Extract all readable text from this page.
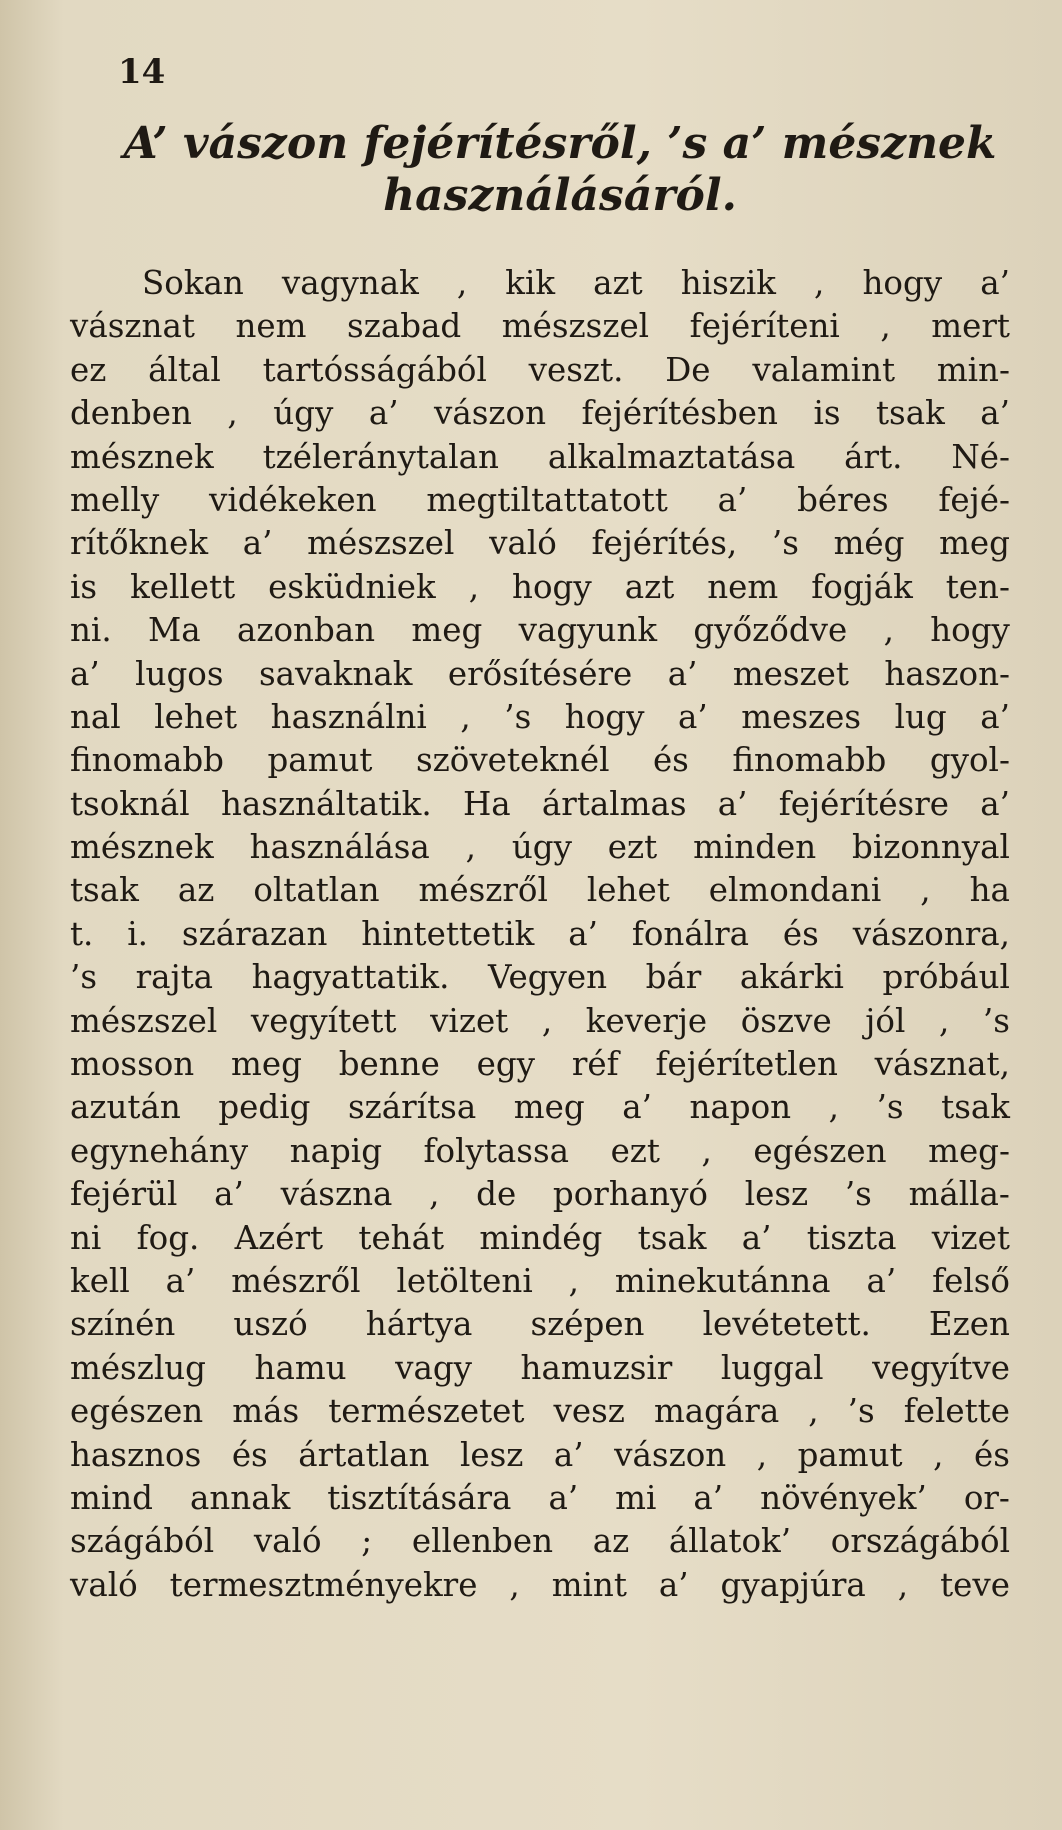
14
A’ vászon fejérítésről, ’s a’ mésznek
használásáról.
Sokan vagynak , kik azt hiszik , hogy a’
vásznat nem szabad mészszel fejéríteni , mert
ez által tartósságából veszt. De valamint min-
denben , úgy a’ vászon fejérítésben is tsak a’
mésznek tzéleránytalan alkalmaztatása árt. Né-
melly vidékeken megtiltattatott a’ béres fejé-
rítőknek a’ mészszel való fejérítés, ’s még meg
is kellett esküdniek , hogy azt nem fogják ten-
ni. Ma azonban meg vagyunk győződve , hogy
a’ lugos savaknak erősítésére a’ meszet haszon-
nal lehet használni , ’s hogy a’ meszes lug a’
finomabb pamut szöveteknél és finomabb gyol-
tsoknál használtatik. Ha ártalmas a’ fejérítésre a’
mésznek használása , úgy ezt minden bizonnyal
tsak az oltatlan mészről lehet elmondani , ha
t. i. szárazan hintettetik a’ fonálra és vászonra,
’s rajta hagyattatik. Vegyen bár akárki próbául
mészszel vegyített vizet , keverje öszve jól , ’s
mosson meg benne egy réf fejérítetlen vásznat,
azután pedig szárítsa meg a’ napon , ’s tsak
egynehány napig folytassa ezt , egészen meg-
fejérül a’ vászna , de porhanyó lesz ’s málla-
ni fog. Azért tehát mindég tsak a’ tiszta vizet
kell a’ mészről letölteni , minekutánna a’ felső
színén uszó hártya szépen levétetett. Ezen
mészlug hamu vagy hamuzsir luggal vegyítve
egészen más természetet vesz magára , ’s felette
hasznos és ártatlan lesz a’ vászon , pamut , és
mind annak tisztítására a’ mi a’ növények’ or-
szágából való ; ellenben az állatok’ országából
való termesztményekre , mint a’ gyapjúra , teve
